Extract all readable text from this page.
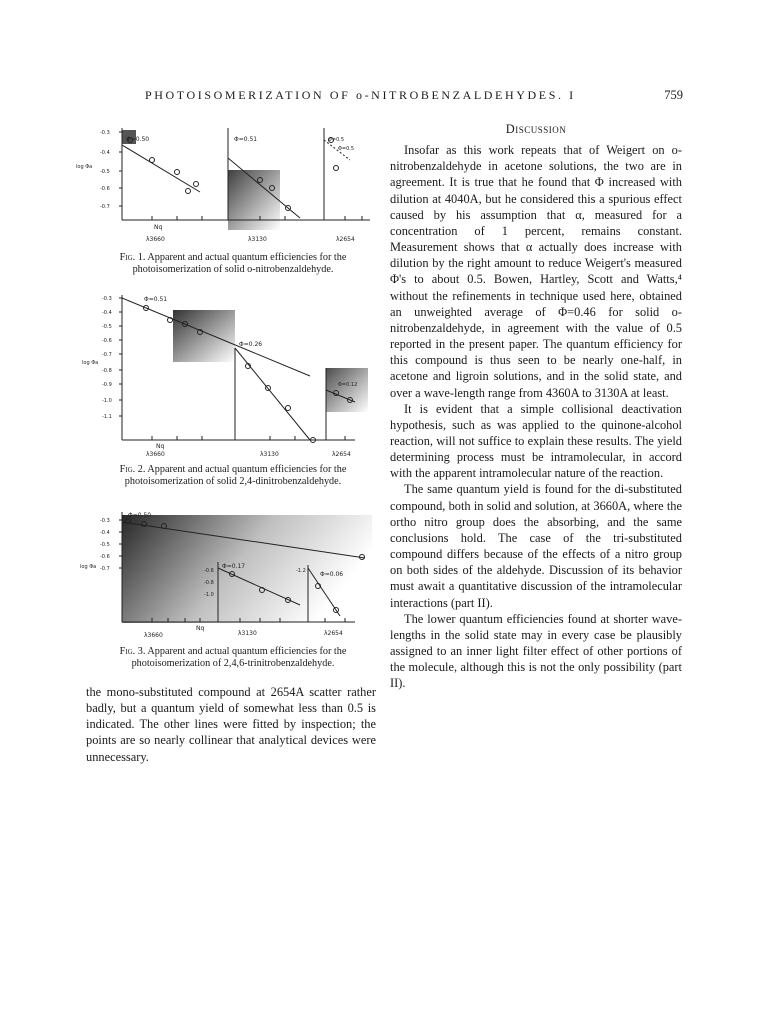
PHOTOISOMERIZATION OF o-NITROBENZALDEHYDES. I	759
-0.3
-0.4
-0.5
-0.6
-0.7
log Φa
Nq
Φ=0.50	Φ=0.51	Φ=0.5
Φ=0.5
λ3660	λ3130	λ2654
Fig. 1. Apparent and actual quantum efficiencies for the photoisomerization of solid o-nitrobenzaldehyde.
-0.3
-0.4
-0.5
-0.6
-0.7
-0.8
-0.9
-1.0
-1.1
log Φa
Nq
Φ=0.51
Φ=0.26
Φ=0.12
λ3660	λ3130	λ2654
Fig. 2. Apparent and actual quantum efficiencies for the photoisomerization of solid 2,4-dinitrobenzaldehyde.
-0.3
-0.4
-0.5
-0.6
-0.7	-0.6
-0.8
-1.0
-1.2
log Φa
Nq
Φ=0.50
Φ=0.17
Φ=0.06
λ3660	λ3130	λ2654
Fig. 3. Apparent and actual quantum efficiencies for the photoisomerization of 2,4,6-trinitrobenzaldehyde.

the mono-substituted compound at 2654A scatter rather badly, but a quantum yield of somewhat less than 0.5 is indicated. The other lines were fitted by inspection; the points are so nearly collinear that analytical devices were unnecessary.

Discussion

Insofar as this work repeats that of Weigert on o-nitrobenzaldehyde in acetone solutions, the two are in agreement. It is true that he found that Φ increased with dilution at 4040A, but he considered this a spurious effect caused by his assumption that α, measured for a concentration of 1 percent, remains constant. Measurement shows that α actually does increase with dilution by the right amount to reduce Weigert's measured Φ's to about 0.5. Bowen, Hartley, Scott and Watts,⁴ without the refinements in technique used here, obtained an unweighted average of Φ=0.46 for solid o-nitrobenzaldehyde, in agreement with the value of 0.5 reported in the present paper. The quantum efficiency for this compound is thus seen to be nearly one-half, in acetone and ligroin solutions, and in the solid state, and over a wave-length range from 4360A to 3130A at least.

It is evident that a simple collisional deactivation hypothesis, such as was applied to the quinone-alcohol reaction, will not suffice to explain these results. The yield determining process must be intramolecular, in accord with the apparent intramolecular nature of the reaction.

The same quantum yield is found for the di-substituted compound, both in solid and solution, at 3660A, where the ortho nitro group does the absorbing, and the same conclusions hold. The case of the tri-substituted compound differs because of the effects of a nitro group on both sides of the aldehyde. Discussion of its behavior must await a quantitative discussion of the intramolecular interactions (part II).

The lower quantum efficiencies found at shorter wave-lengths in the solid state may in every case be plausibly assigned to an inner light filter effect of other portions of the molecule, although this is not the only possibility (part II).
